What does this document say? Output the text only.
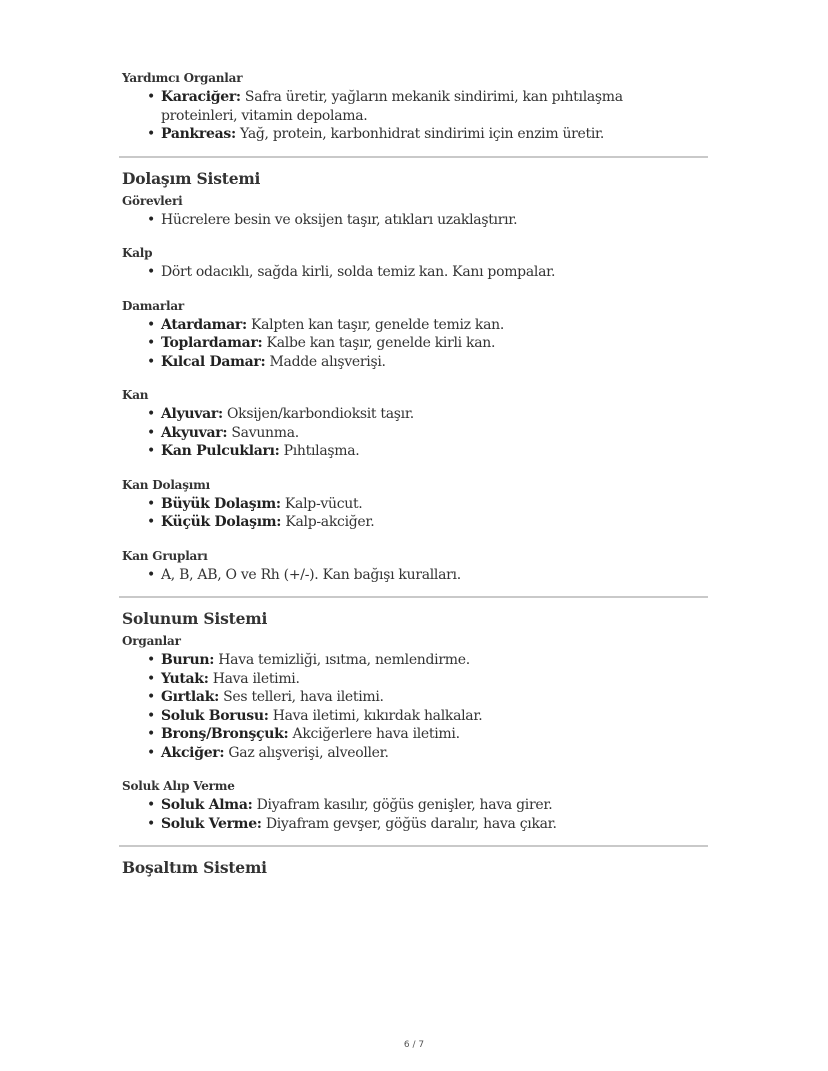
Yardımcı Organlar
• Karaciğer: Safra üretir, yağların mekanik sindirimi, kan pıhtılaşma proteinleri, vitamin depolama.
• Pankreas: Yağ, protein, karbonhidrat sindirimi için enzim üretir.
Dolaşım Sistemi
Görevleri
• Hücrelere besin ve oksijen taşır, atıkları uzaklaştırır.
Kalp
• Dört odacıklı, sağda kirli, solda temiz kan. Kanı pompalar.
Damarlar
• Atardamar: Kalpten kan taşır, genelde temiz kan.
• Toplardamar: Kalbe kan taşır, genelde kirli kan.
• Kılcal Damar: Madde alışverişi.
Kan
• Alyuvar: Oksijen/karbondioksit taşır.
• Akyuvar: Savunma.
• Kan Pulcukları: Pıhtılaşma.
Kan Dolaşımı
• Büyük Dolaşım: Kalp-vücut.
• Küçük Dolaşım: Kalp-akciğer.
Kan Grupları
• A, B, AB, O ve Rh (+/-). Kan bağışı kuralları.
Solunum Sistemi
Organlar
• Burun: Hava temizliği, ısıtma, nemlendirme.
• Yutak: Hava iletimi.
• Gırtlak: Ses telleri, hava iletimi.
• Soluk Borusu: Hava iletimi, kıkırdak halkalar.
• Bronş/Bronşçuk: Akciğerlere hava iletimi.
• Akciğer: Gaz alışverişi, alveoller.
Soluk Alıp Verme
• Soluk Alma: Diyafram kasılır, göğüs genişler, hava girer.
• Soluk Verme: Diyafram gevşer, göğüs daralır, hava çıkar.
Boşaltım Sistemi
6 / 7
